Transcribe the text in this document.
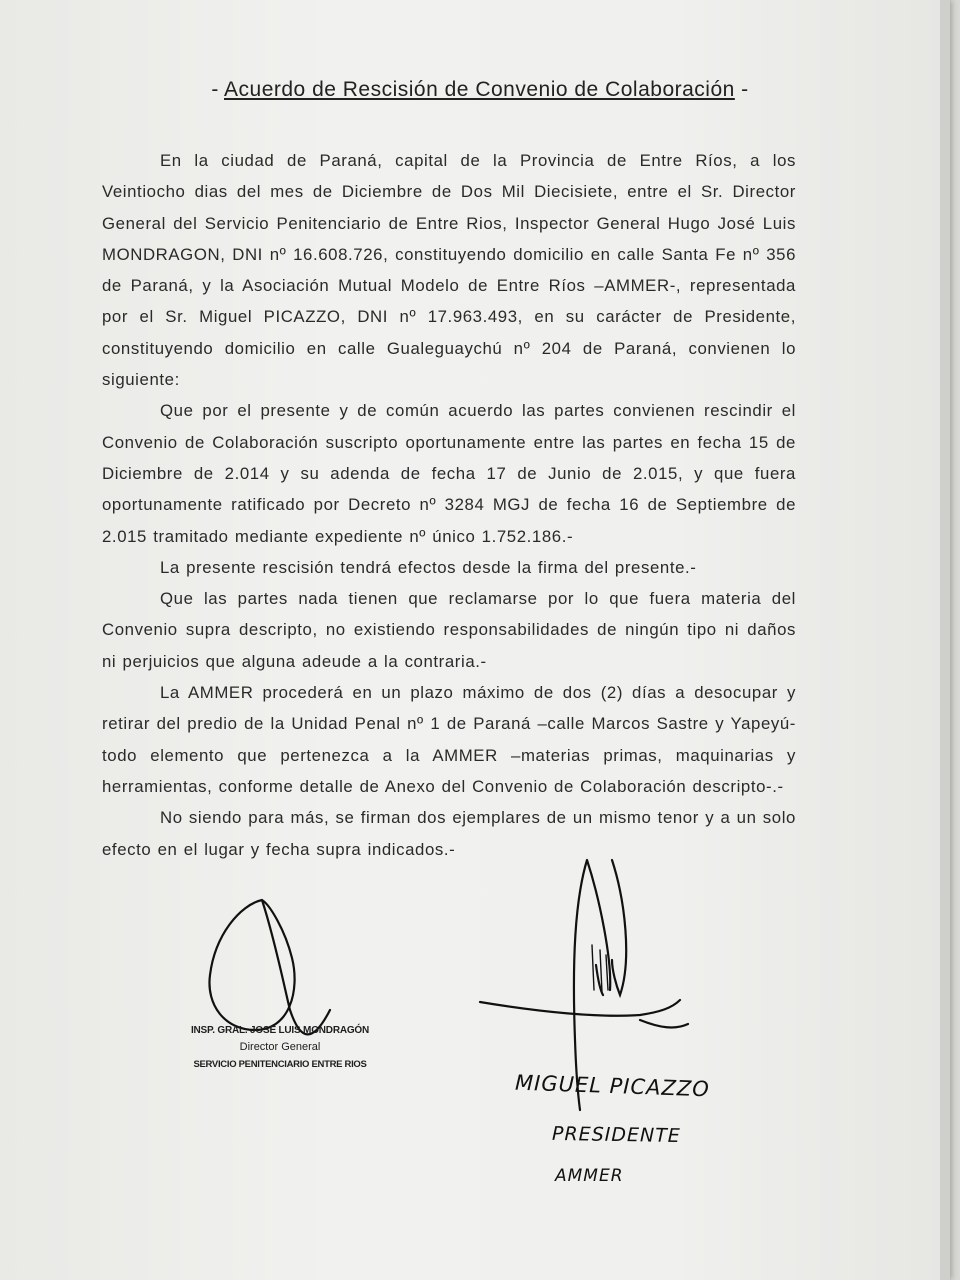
- Acuerdo de Rescisión de Convenio de Colaboración -

En la ciudad de Paraná, capital de la Provincia de Entre Ríos, a los Veintiocho dias del mes de Diciembre de Dos Mil Diecisiete, entre el Sr. Director General del Servicio Penitenciario de Entre Rios, Inspector General Hugo José Luis MONDRAGON, DNI nº 16.608.726, constituyendo domicilio en calle Santa Fe nº 356 de Paraná, y la Asociación Mutual Modelo de Entre Ríos –AMMER-, representada por el Sr. Miguel PICAZZO, DNI nº 17.963.493, en su carácter de Presidente, constituyendo domicilio en calle Gualeguaychú nº 204 de Paraná, convienen lo siguiente:

Que por el presente y de común acuerdo las partes convienen rescindir el Convenio de Colaboración suscripto oportunamente entre las partes en fecha 15 de Diciembre de 2.014 y su adenda de fecha 17 de Junio de 2.015, y que fuera oportunamente ratificado por Decreto nº 3284 MGJ de fecha 16 de Septiembre de 2.015 tramitado mediante expediente nº único 1.752.186.-

La presente rescisión tendrá efectos desde la firma del presente.-

Que las partes nada tienen que reclamarse por lo que fuera materia del Convenio supra descripto, no existiendo responsabilidades de ningún tipo ni daños ni perjuicios que alguna adeude a la contraria.-

La AMMER procederá en un plazo máximo de dos (2) días a desocupar y retirar del predio de la Unidad Penal nº 1 de Paraná –calle Marcos Sastre y Yapeyú- todo elemento que pertenezca a la AMMER –materias primas, maquinarias y herramientas, conforme detalle de Anexo del Convenio de Colaboración descripto-.-

No siendo para más, se firman dos ejemplares de un mismo tenor y a un solo efecto en el lugar y fecha supra indicados.-

INSP. GRAL. JOSÉ LUIS MONDRAGÓN
Director General
SERVICIO PENITENCIARIO ENTRE RIOS
MIGUEL PICAZZO
PRESIDENTE
AMMER
